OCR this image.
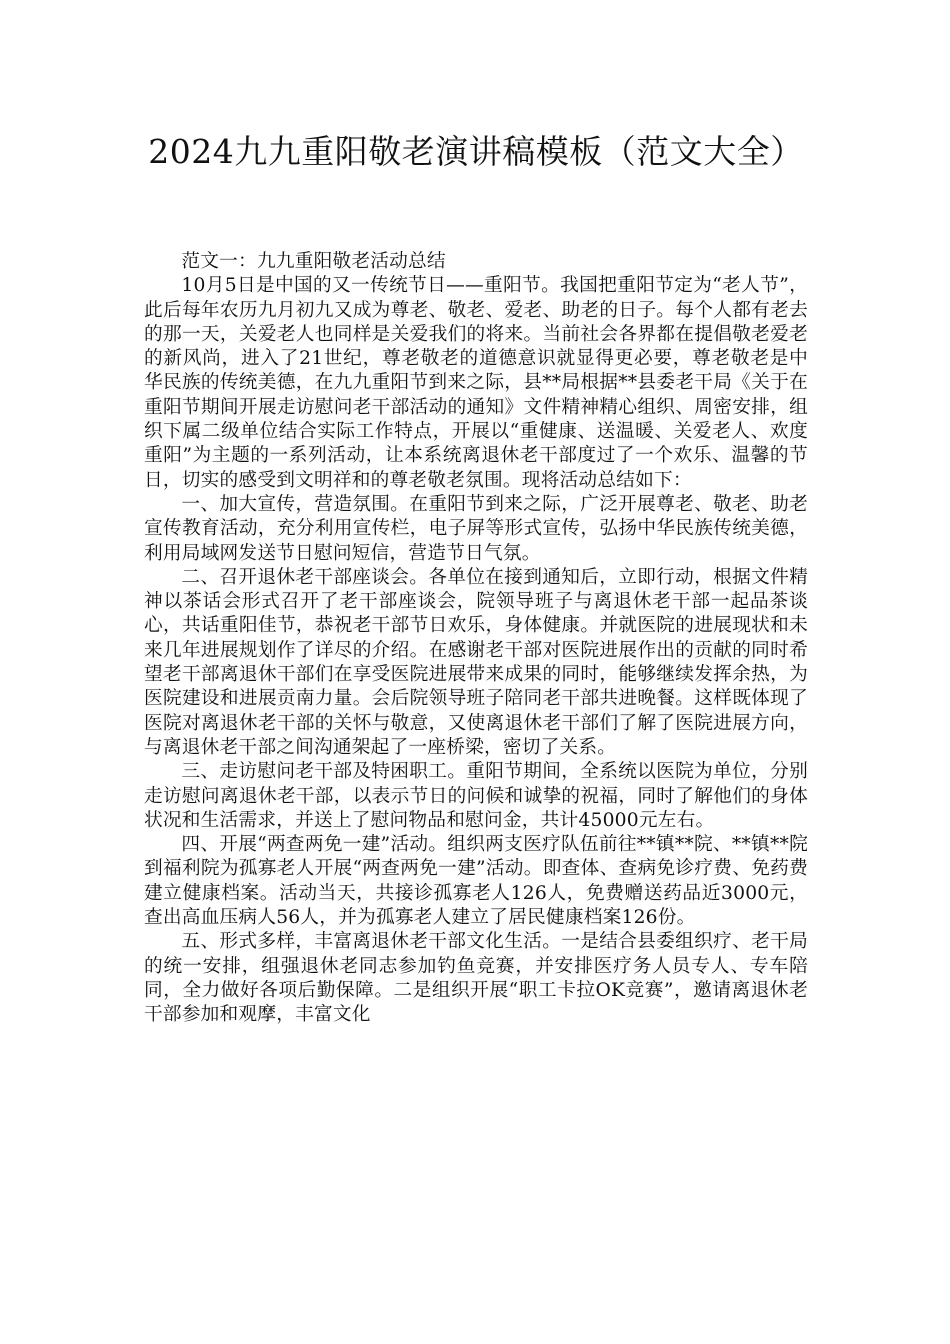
2024九九重阳敬老演讲稿模板（范文大全）

范文一：九九重阳敬老活动总结

10月5日是中国的又一传统节日——重阳节。我国把重阳节定为“老人节”，此后每年农历九月初九又成为尊老、敬老、爱老、助老的日子。每个人都有老去的那一天，关爱老人也同样是关爱我们的将来。当前社会各界都在提倡敬老爱老的新风尚，进入了21世纪，尊老敬老的道德意识就显得更必要，尊老敬老是中华民族的传统美德，在九九重阳节到来之际，县**局根据**县委老干局《关于在重阳节期间开展走访慰问老干部活动的通知》文件精神精心组织、周密安排，组织下属二级单位结合实际工作特点，开展以“重健康、送温暖、关爱老人、欢度重阳”为主题的一系列活动，让本系统离退休老干部度过了一个欢乐、温馨的节日，切实的感受到文明祥和的尊老敬老氛围。现将活动总结如下：

一、加大宣传，营造氛围。在重阳节到来之际，广泛开展尊老、敬老、助老宣传教育活动，充分利用宣传栏，电子屏等形式宣传，弘扬中华民族传统美德，利用局域网发送节日慰问短信，营造节日气氛。

二、召开退休老干部座谈会。各单位在接到通知后，立即行动，根据文件精神以茶话会形式召开了老干部座谈会，院领导班子与离退休老干部一起品茶谈心，共话重阳佳节，恭祝老干部节日欢乐，身体健康。并就医院的进展现状和未来几年进展规划作了详尽的介绍。在感谢老干部对医院进展作出的贡献的同时希望老干部离退休干部们在享受医院进展带来成果的同时，能够继续发挥余热，为医院建设和进展贡南力量。会后院领导班子陪同老干部共进晚餐。这样既体现了医院对离退休老干部的关怀与敬意，又使离退休老干部们了解了医院进展方向，与离退休老干部之间沟通架起了一座桥梁，密切了关系。

三、走访慰问老干部及特困职工。重阳节期间，全系统以医院为单位，分别走访慰问离退休老干部，以表示节日的问候和诚挚的祝福，同时了解他们的身体状况和生活需求，并送上了慰问物品和慰问金，共计45000元左右。

四、开展“两查两免一建”活动。组织两支医疗队伍前往**镇**院、**镇**院到福利院为孤寡老人开展“两查两免一建”活动。即查体、查病免诊疗费、免药费建立健康档案。活动当天，共接诊孤寡老人126人，免费赠送药品近3000元，查出高血压病人56人，并为孤寡老人建立了居民健康档案126份。

五、形式多样，丰富离退休老干部文化生活。一是结合县委组织疗、老干局的统一安排，组强退休老同志参加钓鱼竞赛，并安排医疗务人员专人、专车陪同，全力做好各项后勤保障。二是组织开展“职工卡拉OK竞赛”，邀请离退休老干部参加和观摩，丰富文化
